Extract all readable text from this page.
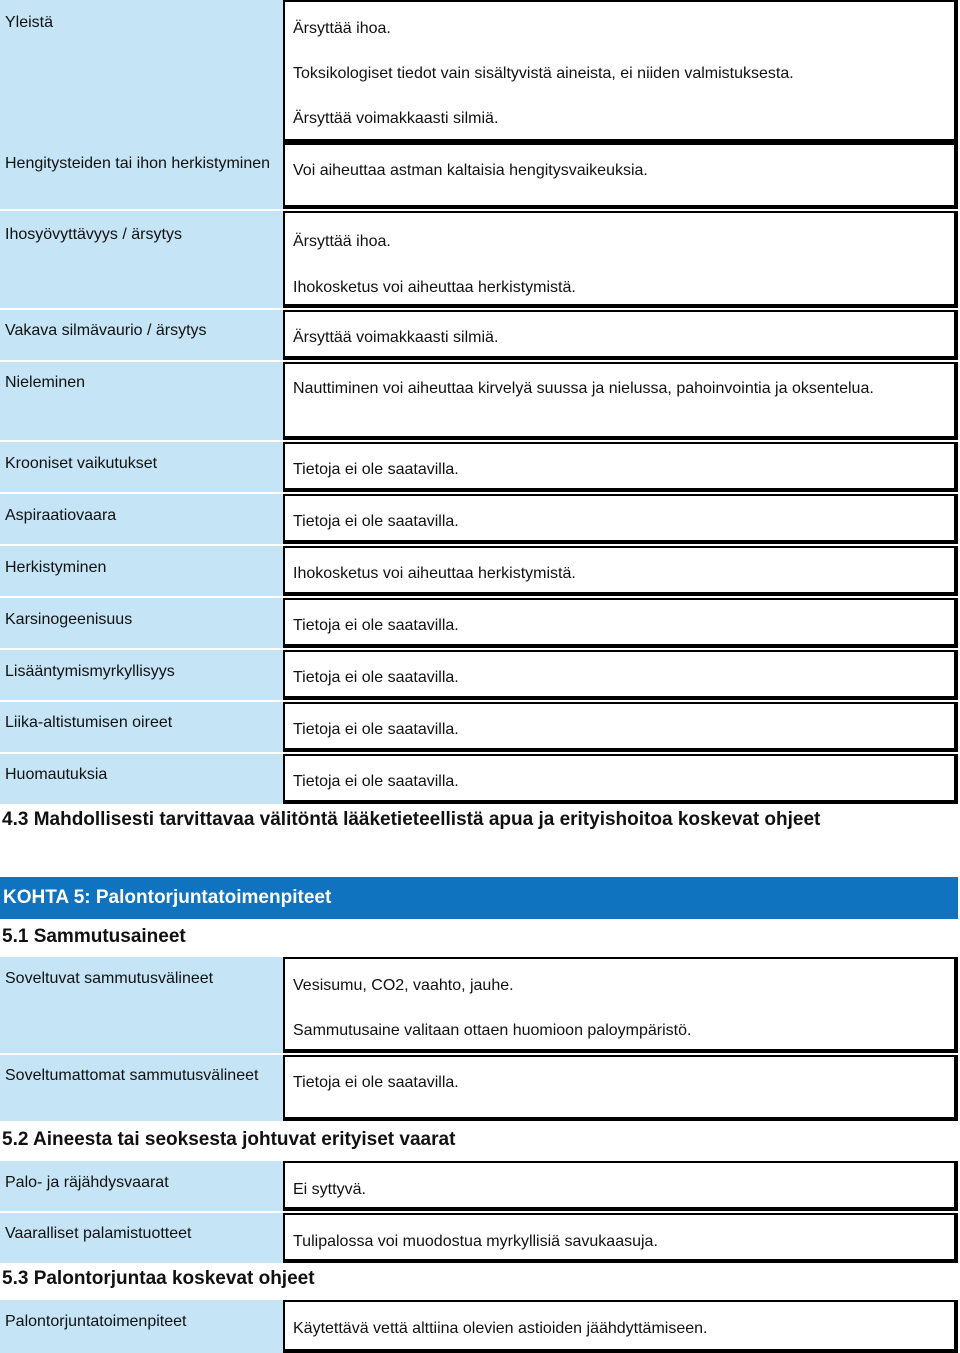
Yleistä	Ärsyttää ihoa.
Toksikologiset tiedot vain sisältyvistä aineista, ei niiden valmistuksesta.
Ärsyttää voimakkaasti silmiä.
Hengitysteiden tai ihon herkistyminen	Voi aiheuttaa astman kaltaisia hengitysvaikeuksia.
Ihosyövyttävyys / ärsytys	Ärsyttää ihoa.
Ihokosketus voi aiheuttaa herkistymistä.
Vakava silmävaurio / ärsytys	Ärsyttää voimakkaasti silmiä.
Nieleminen	Nauttiminen voi aiheuttaa kirvelyä suussa ja nielussa, pahoinvointia ja oksentelua.
Krooniset vaikutukset	Tietoja ei ole saatavilla.
Aspiraatiovaara	Tietoja ei ole saatavilla.
Herkistyminen	Ihokosketus voi aiheuttaa herkistymistä.
Karsinogeenisuus	Tietoja ei ole saatavilla.
Lisääntymismyrkyllisyys	Tietoja ei ole saatavilla.
Liika-altistumisen oireet	Tietoja ei ole saatavilla.
Huomautuksia	Tietoja ei ole saatavilla.
4.3 Mahdollisesti tarvittavaa välitöntä lääketieteellistä apua ja erityishoitoa koskevat ohjeet
KOHTA 5: Palontorjuntatoimenpiteet
5.1 Sammutusaineet
Soveltuvat sammutusvälineet	Vesisumu, CO2, vaahto, jauhe.
Sammutusaine valitaan ottaen huomioon paloympäristö.
Soveltumattomat sammutusvälineet	Tietoja ei ole saatavilla.
5.2 Aineesta tai seoksesta johtuvat erityiset vaarat
Palo- ja räjähdysvaarat	Ei syttyvä.
Vaaralliset palamistuotteet	Tulipalossa voi muodostua myrkyllisiä savukaasuja.
5.3 Palontorjuntaa koskevat ohjeet
Palontorjuntatoimenpiteet	Käytettävä vettä alttiina olevien astioiden jäähdyttämiseen.
